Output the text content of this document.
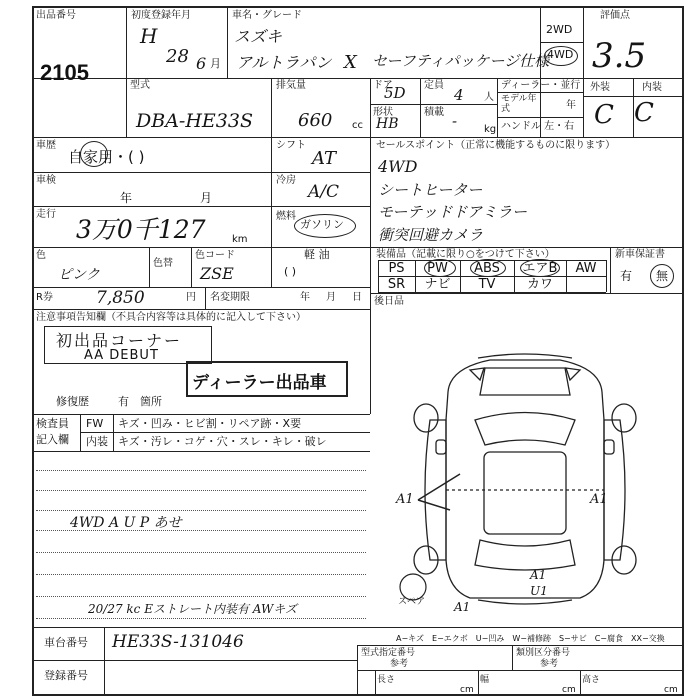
出品番号
2105
初度登録年月
H
28 6 月
車名・グレード
スズキ
アルトラパン X セーフティパッケージ仕様
2WD
4WD
評価点
3.5
型式
DBA-HE33S
排気量
660 cc
ドア
5D 定員
4 人
形状
HB
積載 -	kg
ディーラー・並行
モデル年式	年
ハンドル 左・右
外装	内装
C C
車歴
自家用・( )
車検
年	月
走行
3万0千127	km
シフト
AT
冷房
A/C
燃料
ガソリン
軽 油
( )
色
ピンク
色替
色コード
ZSE
R券	7,850	円 名変期限	年 月 日
セールスポイント（正常に機能するものに限ります）
4WD
シートヒーター
モーテッドドアミラー
衝突回避カメラ
装備品（記載に限り○をつけて下さい）
PS	PW	ABS	エアB	AW
SR	ナビ	TV	カワ
新車保証書
有 無
後日品
注意事項告知欄（不具合内容等は具体的に記入して下さい）
初出品コーナー
AA DEBUT
ディーラー出品車
修復歴	有 箇所
検査員
記入欄
FW キズ・凹み・ヒビ割・リペア跡・X要
内装 キズ・汚レ・コゲ・穴・スレ・キレ・破レ
4WD A U P あせ
20/27 kc Eストレート内装有 AWキズ
A1	A1
A1
U1
A1
スペア
車台番号 HE33S-131046
登録番号
A−キズ　E−エクボ　U−凹み　W−補修跡　S−サビ　C−腐食　XX−交換
型式指定番号
参考
類別区分番号
参考
長さ
cm
幅
cm
高さ
cm
